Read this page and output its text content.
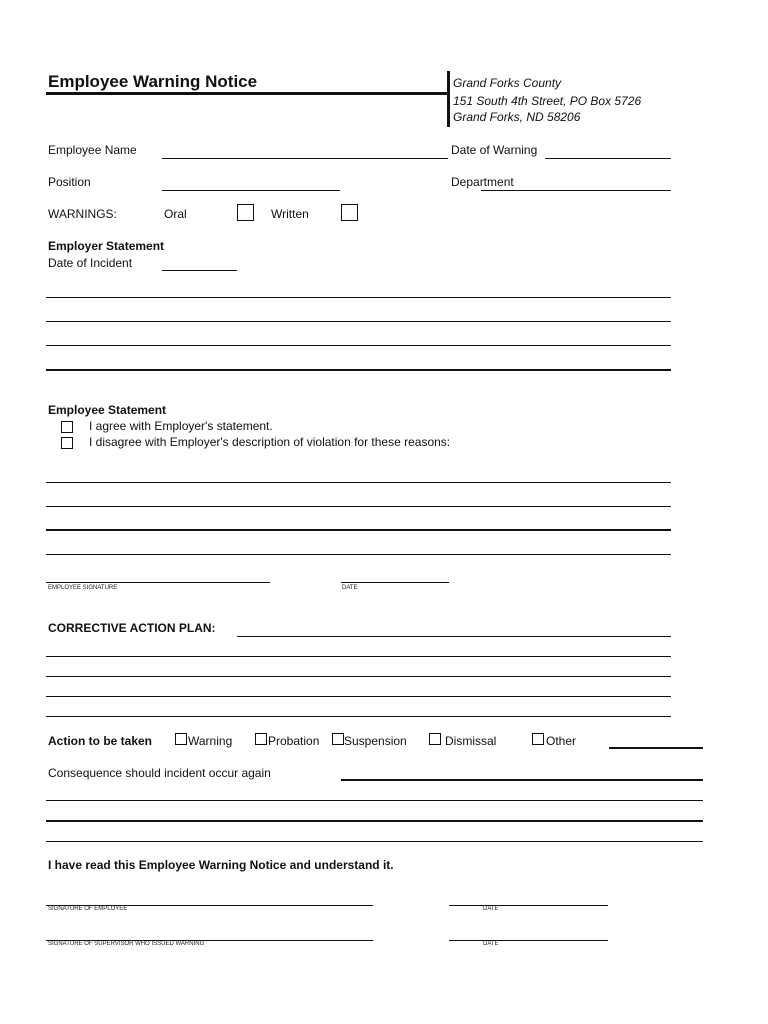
Employee Warning Notice	Grand Forks County
151 South 4th Street, PO Box 5726
Grand Forks, ND 58206
Employee Name	Date of Warning
Position	Department
WARNINGS:	Oral	Written
Employer Statement
Date of Incident
Employee Statement
I agree with Employer's statement.
I disagree with Employer's description of violation for these reasons:
EMPLOYEE SIGNATURE	DATE
CORRECTIVE ACTION PLAN:
Action to be taken	Warning	Probation Suspension	Dismissal	Other
Consequence should incident occur again
I have read this Employee Warning Notice and understand it.
SIGNATURE OF EMPLOYEE	DATE
SIGNATURE OF SUPERVISOR WHO ISSUED WARNING	DATE
